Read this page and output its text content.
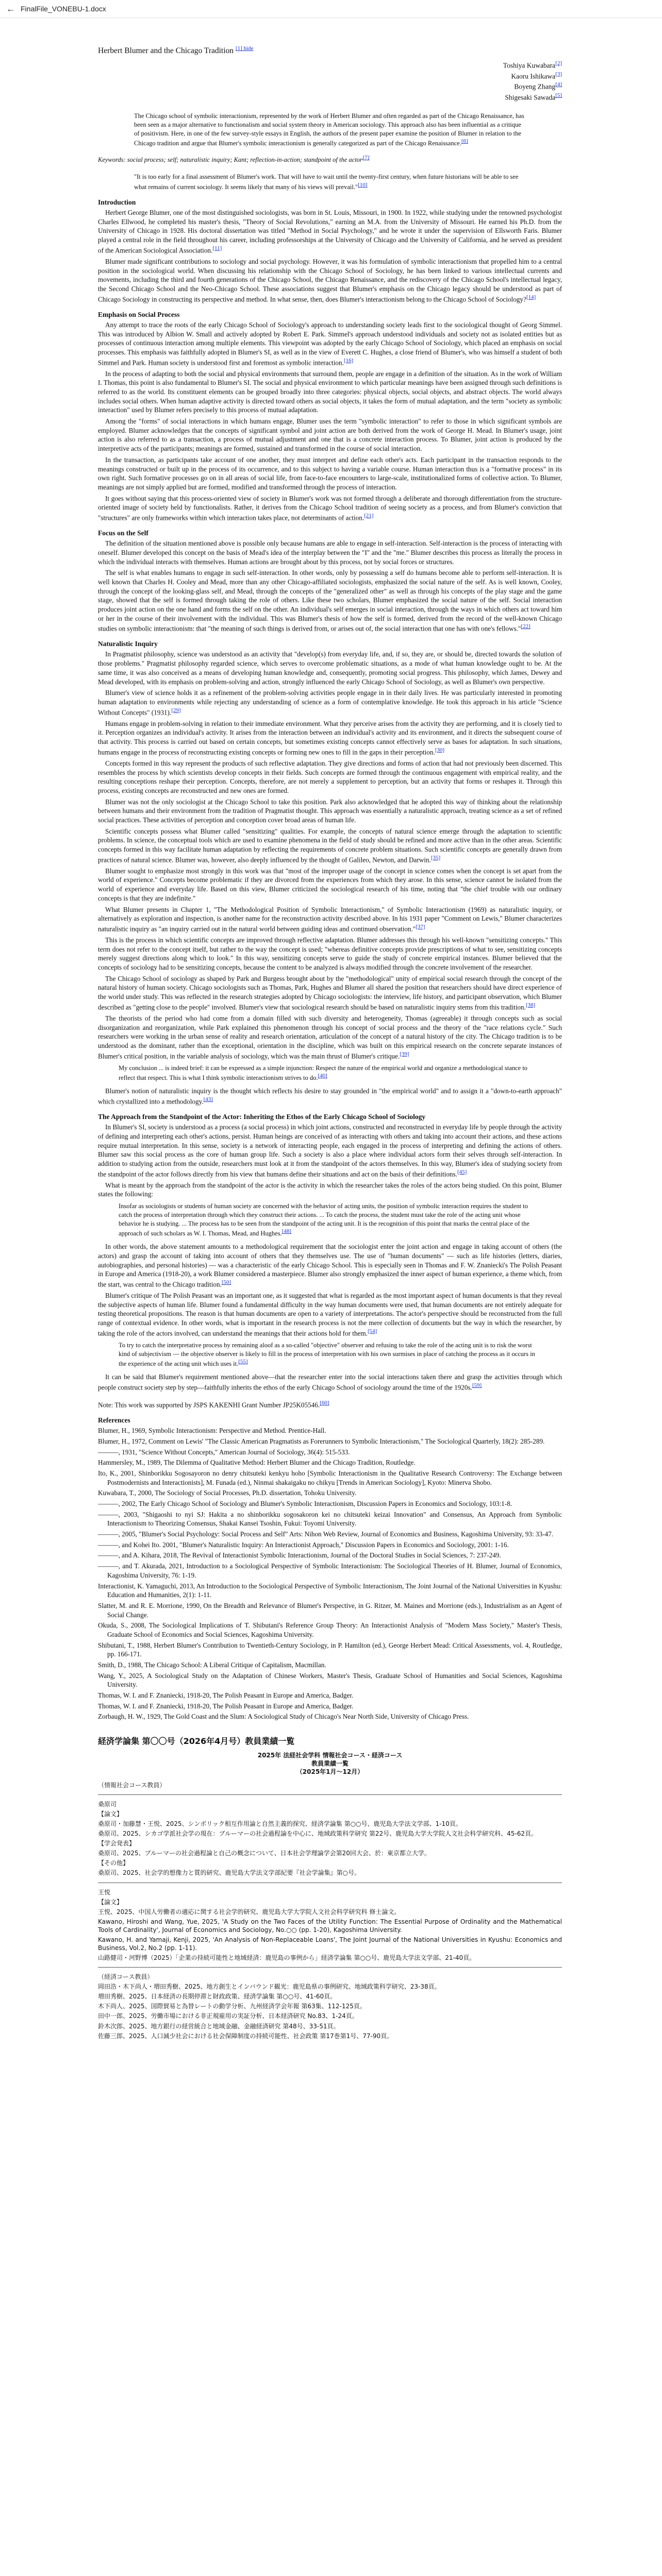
← FinalFile_VONEBU-1.docx
Herbert Blumer and the Chicago Tradition $^{[1] hide}$
Toshiya Kuwabara[2]
Kaoru Ishikawa[3]
Boyeng Zhang[4]
Shigesaki Sawada[5]
The Chicago school of symbolic interactionism, represented by the work of Herbert Blumer and often regarded as part of the Chicago Renaissance, has been seen as a major alternative to functionalism and social system theory in American sociology. This approach also has been influential as a critique of positivism. Here, in one of the few survey-style essays in English, the authors of the present paper examine the position of Blumer in relation to the Chicago tradition and argue that Blumer's symbolic interactionism is generally categorized as part of the Chicago Renaissance.[6]
Keywords: social process; self; naturalistic inquiry; Kant; reflection-in-action; standpoint of the actor[7]
"It is too early for a final assessment of Blumer's work. That will have to wait until the twenty-first century, when future historians will be able to see what remains of current sociology. It seems likely that many of his views will prevail."[10]
Introduction

Herbert George Blumer, one of the most distinguished sociologists, was born in St. Louis, Missouri, in 1900. In 1922, while studying under the renowned psychologist Charles Ellwood, he completed his master's thesis, "Theory of Social Revolutions," earning an M.A. from the University of Missouri. He earned his Ph.D. from the University of Chicago in 1928. His doctoral dissertation was titled "Method in Social Psychology," and he wrote it under the supervision of Ellsworth Faris. Blumer played a central role in the field throughout his career, including professorships at the University of Chicago and the University of California, and he served as president of the American Sociological Association.[11]

Blumer made significant contributions to sociology and social psychology. However, it was his formulation of symbolic interactionism that propelled him to a central position in the sociological world. When discussing his relationship with the Chicago School of Sociology, he has been linked to various intellectual currents and movements, including the third and fourth generations of the Chicago School, the Chicago Renaissance, and the rediscovery of the Chicago School's intellectual legacy, the Second Chicago School and the Neo-Chicago School. These associations suggest that Blumer's emphasis on the Chicago legacy should be understood as part of Chicago Sociology in constructing its perspective and method. In what sense, then, does Blumer's interactionism belong to the Chicago School of Sociology?[14]

Emphasis on Social Process

Any attempt to trace the roots of the early Chicago School of Sociology's approach to understanding society leads first to the sociological thought of Georg Simmel. This was introduced by Albion W. Small and actively adopted by Robert E. Park. Simmel's approach understood individuals and society not as isolated entities but as processes of continuous interaction among multiple elements. This viewpoint was adopted by the early Chicago School of Sociology, which placed an emphasis on social processes. This emphasis was faithfully adopted in Blumer's SI, as well as in the view of Everett C. Hughes, a close friend of Blumer's, who was himself a student of both Simmel and Park. Human society is understood first and foremost as symbolic interaction.[16]

In the process of adapting to both the social and physical environments that surround them, people are engage in a definition of the situation. As in the work of William I. Thomas, this point is also fundamental to Blumer's SI. The social and physical environment to which particular meanings have been assigned through such definitions is referred to as the world. Its constituent elements can be grouped broadly into three categories: physical objects, social objects, and abstract objects. The world always includes social others. When human adaptive activity is directed toward others as social objects, it takes the form of mutual adaptation, and the term "society as symbolic interaction" used by Blumer refers precisely to this process of mutual adaptation.

Among the "forms" of social interactions in which humans engage, Blumer uses the term "symbolic interaction" to refer to those in which significant symbols are employed. Blumer acknowledges that the concepts of significant symbol and joint action are both derived from the work of George H. Mead. In Blumer's usage, joint action is also referred to as a transaction, a process of mutual adjustment and one that is a concrete interaction process. To Blumer, joint action is produced by the interpretive acts of the participants; meanings are formed, sustained and transformed in the course of social interaction.

In the transaction, as participants take account of one another, they must interpret and define each other's acts. Each participant in the transaction responds to the meanings constructed or built up in the process of its occurrence, and to this subject to having a variable course. Human interaction thus is a "formative process" in its own right. Such formative processes go on in all areas of social life, from face-to-face encounters to large-scale, institutionalized forms of collective action. To Blumer, meanings are not simply applied but are formed, modified and transformed through the process of interaction.

It goes without saying that this process-oriented view of society in Blumer's work was not formed through a deliberate and thorough differentiation from the structure-oriented image of society held by functionalists. Rather, it derives from the Chicago School tradition of seeing society as a process, and from Blumer's conviction that "structures" are only frameworks within which interaction takes place, not determinants of action.[21]

Focus on the Self

The definition of the situation mentioned above is possible only because humans are able to engage in self-interaction. Self-interaction is the process of interacting with oneself. Blumer developed this concept on the basis of Mead's idea of the interplay between the "I" and the "me." Blumer describes this process as literally the process in which the individual interacts with themselves. Human actions are brought about by this process, not by social forces or structures.

The self is what enables humans to engage in such self-interaction. In other words, only by possessing a self do humans become able to perform self-interaction. It is well known that Charles H. Cooley and Mead, more than any other Chicago-affiliated sociologists, emphasized the social nature of the self. As is well known, Cooley, through the concept of the looking-glass self, and Mead, through the concepts of the "generalized other" as well as through his concepts of the play stage and the game stage, showed that the self is formed through taking the role of others. Like these two scholars, Blumer emphasized the social nature of the self. Social interaction produces joint action on the one hand and forms the self on the other. An individual's self emerges in social interaction, through the ways in which others act toward him or her in the course of their involvement with the individual. This was Blumer's thesis of how the self is formed, derived from the record of the well-known Chicago studies on symbolic interactionism: that "the meaning of such things is derived from, or arises out of, the social interaction that one has with one's fellows."[22]

Naturalistic Inquiry

In Pragmatist philosophy, science was understood as an activity that "develop(s) from everyday life, and, if so, they are, or should be, directed towards the solution of those problems." Pragmatist philosophy regarded science, which serves to overcome problematic situations, as a mode of what human knowledge ought to be. At the same time, it was also conceived as a means of developing human knowledge and, consequently, promoting social progress. This philosophy, which James, Dewey and Mead developed, with its emphasis on problem-solving and action, strongly influenced the early Chicago School of Sociology, as well as Blumer's own perspective.

Blumer's view of science holds it as a refinement of the problem-solving activities people engage in in their daily lives. He was particularly interested in promoting human adaptation to environments while rejecting any understanding of science as a form of contemplative knowledge. He took this approach in his article "Science Without Concepts" (1931).[29]

Humans engage in problem-solving in relation to their immediate environment. What they perceive arises from the activity they are performing, and it is closely tied to it. Perception organizes an individual's activity. It arises from the interaction between an individual's activity and its environment, and it directs the subsequent course of that activity. This process is carried out based on certain concepts, but sometimes existing concepts cannot effectively serve as bases for adaptation. In such situations, humans engage in the process of reconstructing existing concepts or forming new ones to fill in the gaps in their perception.[30]

Concepts formed in this way represent the products of such reflective adaptation. They give directions and forms of action that had not previously been discerned. This resembles the process by which scientists develop concepts in their fields. Such concepts are formed through the continuous engagement with empirical reality, and the resulting conceptions reshape their perception. Concepts, therefore, are not merely a supplement to perception, but an activity that forms or reshapes it. Through this process, existing concepts are reconstructed and new ones are formed.

Blumer was not the only sociologist at the Chicago School to take this position. Park also acknowledged that he adopted this way of thinking about the relationship between humans and their environment from the tradition of Pragmatist thought. This approach was essentially a naturalistic approach, treating science as a set of refined social practices. These activities of perception and conception cover broad areas of human life.

Scientific concepts possess what Blumer called "sensitizing" qualities. For example, the concepts of natural science emerge through the adaptation to scientific problems. In science, the conceptual tools which are used to examine phenomena in the field of study should be refined and more active than in the other areas. Scientific concepts formed in this way facilitate human adaptation by reflecting the requirements of concrete problem situations. Such scientific concepts are generally drawn from practices of natural science. Blumer was, however, also deeply influenced by the thought of Galileo, Newton, and Darwin.[35]

Blumer sought to emphasize most strongly in this work was that "most of the improper usage of the concept in science comes when the concept is set apart from the world of experience." Concepts become problematic if they are divorced from the experiences from which they arose. In this sense, science cannot be isolated from the world of experience and everyday life. Based on this view, Blumer criticized the sociological research of his time, noting that "the chief trouble with our ordinary concepts is that they are indefinite."

What Blumer presents in Chapter 1, "The Methodological Position of Symbolic Interactionism," of Symbolic Interactionism (1969) as naturalistic inquiry, or alternatively as exploration and inspection, is another name for the reconstruction activity described above. In his 1931 paper "Comment on Lewis," Blumer characterizes naturalistic inquiry as "an inquiry carried out in the natural world between guiding ideas and continued observation."[37]

This is the process in which scientific concepts are improved through reflective adaptation. Blumer addresses this through his well-known "sensitizing concepts." This term does not refer to the concept itself, but rather to the way the concept is used; "whereas definitive concepts provide prescriptions of what to see, sensitizing concepts merely suggest directions along which to look." In this way, sensitizing concepts serve to guide the study of concrete empirical instances. Blumer believed that the concepts of sociology had to be sensitizing concepts, because the content to be analyzed is always modified through the concrete involvement of the researcher.

The Chicago School of sociology as shaped by Park and Burgess brought about by the "methodological" unity of empirical social research through the concept of the natural history of human society. Chicago sociologists such as Thomas, Park, Hughes and Blumer all shared the position that researchers should have direct experience of the world under study. This was reflected in the research strategies adopted by Chicago sociologists: the interview, life history, and participant observation, which Blumer described as "getting close to the people" involved. Blumer's view that sociological research should be based on naturalistic inquiry stems from this tradition.[38]

The theorists of the period who had come from a domain filled with such diversity and heterogeneity, Thomas (agreeable) it through concepts such as social disorganization and reorganization, while Park explained this phenomenon through his concept of social process and the theory of the "race relations cycle." Such researchers were working in the urban sense of reality and research orientation, articulation of the concept of a natural history of the city. The Chicago tradition is to be understood as the dominant, rather than the exceptional, orientation in the discipline, which was built on this empirical research on the concrete separate instances of Blumer's critical position, in the variable analysis of sociology, which was the main thrust of Blumer's critique.[39]

My conclusion ... is indeed brief: it can be expressed as a simple injunction: Respect the nature of the empirical world and organize a methodological stance to reflect that respect. This is what I think symbolic interactionism strives to do.[40]

Blumer's notion of naturalistic inquiry is the thought which reflects his desire to stay grounded in "the empirical world" and to assign it a "down-to-earth approach" which crystallized into a methodology.[43]

The Approach from the Standpoint of the Actor: Inheriting the Ethos of the Early Chicago School of Sociology

In Blumer's SI, society is understood as a process (a social process) in which joint actions, constructed and reconstructed in everyday life by people through the activity of defining and interpreting each other's actions, persist. Human beings are conceived of as interacting with others and taking into account their actions, and these actions require mutual interpretation. In this sense, society is a network of interacting people, each engaged in the process of interpreting and defining the actions of others. Blumer saw this social process as the core of human group life. Such a society is also a place where individual actors form their selves through self-interaction. In addition to studying action from the outside, researchers must look at it from the standpoint of the actors themselves. In this way, Blumer's idea of studying society from the standpoint of the actor follows directly from his view that humans define their situations and act on the basis of their definitions.[45]

What is meant by the approach from the standpoint of the actor is the activity in which the researcher takes the roles of the actors being studied. On this point, Blumer states the following:

Insofar as sociologists or students of human society are concerned with the behavior of acting units, the position of symbolic interaction requires the student to catch the process of interpretation through which they construct their actions. ... To catch the process, the student must take the role of the acting unit whose behavior he is studying. ... The process has to be seen from the standpoint of the acting unit. It is the recognition of this point that marks the central place of the approach of such scholars as W. I. Thomas, Mead, and Hughes.[48]

In other words, the above statement amounts to a methodological requirement that the sociologist enter the joint action and engage in taking account of others (the actors) and grasp the account of taking into account of others that they themselves use. The use of "human documents" — such as life histories (letters, diaries, autobiographies, and personal histories) — was a characteristic of the early Chicago School. This is especially seen in Thomas and F. W. Znaniecki's The Polish Peasant in Europe and America (1918-20), a work Blumer considered a masterpiece. Blumer also strongly emphasized the inner aspect of human experience, a theme which, from the start, was central to the Chicago tradition.[50]

Blumer's critique of The Polish Peasant was an important one, as it suggested that what is regarded as the most important aspect of human documents is that they reveal the subjective aspects of human life. Blumer found a fundamental difficulty in the way human documents were used, that human documents are not entirely adequate for testing theoretical propositions. The reason is that human documents are open to a variety of interpretations. The actor's perspective should be reconstructed from the full range of contextual evidence. In other words, what is important in the research process is not the mere collection of documents but the way in which the researcher, by taking the role of the actors involved, can understand the meanings that their actions hold for them.[54]

To try to catch the interpretative process by remaining aloof as a so-called "objective" observer and refusing to take the role of the acting unit is to risk the worst kind of subjectivism — the objective observer is likely to fill in the process of interpretation with his own surmises in place of catching the process as it occurs in the experience of the acting unit which uses it.[55]

It can be said that Blumer's requirement mentioned above—that the researcher enter into the social interactions taken there and grasp the activities through which people construct society step by step—faithfully inherits the ethos of the early Chicago School of sociology around the time of the 1920s.[59]

Note: This work was supported by JSPS KAKENHI Grant Number JP25K05546.[60]

References

Blumer, H., 1969, Symbolic Interactionism: Perspective and Method. Prentice-Hall.

Blumer, H., 1972, Comment on Lewis' "The Classic American Pragmatists as Forerunners to Symbolic Interactionism," The Sociological Quarterly, 18(2): 285-289.

———, 1931, "Science Without Concepts," American Journal of Sociology, 36(4): 515-533.

Hammersley, M., 1989, The Dilemma of Qualitative Method: Herbert Blumer and the Chicago Tradition, Routledge.

Ito, K., 2001, Shinborikku Sogosayoron no denry chitsuteki kenkyu hoho [Symbolic Interactionism in the Qualitative Research Controversy: The Exchange between Postmodernists and Interactionists], M. Funada (ed.), Ninmai shakaigaku no chikyu [Trends in American Sociology], Kyoto: Minerva Shobo.

Kuwabara, T., 2000, The Sociology of Social Processes, Ph.D. dissertation, Tohoku University.

———, 2002, The Early Chicago School of Sociology and Blumer's Symbolic Interactionism, Discussion Papers in Economics and Sociology, 103:1-8.

———, 2003, "Shigaoshi to nyi SJ: Hakita a no shinborikku sogosakoron kei no chitsuteki keizai Innovation" and Consensus, An Approach from Symbolic Interactionism to Theorizing Consensus, Shakai Kansei Tsoshin, Fukui: Toyomi University.

———, 2005, "Blumer's Social Psychology: Social Process and Self" Arts: Nihon Web Review, Journal of Economics and Business, Kagoshima University, 93: 33-47.

———, and Kohei Ito. 2001, "Blumer's Naturalistic Inquiry: An Interactionist Approach," Discussion Papers in Economics and Sociology, 2001: 1-16.

———, and A. Kihara, 2018, The Revival of Interactionist Symbolic Interactionism, Journal of the Doctoral Studies in Social Sciences, 7: 237-249.

———, and T. Akurada, 2021, Introduction to a Sociological Perspective of Symbolic Interactionism: The Sociological Theories of H. Blumer, Journal of Economics, Kagoshima University, 76: 1-19.

Interactionist, K. Yamaguchi, 2013, An Introduction to the Sociological Perspective of Symbolic Interactionism, The Joint Journal of the National Universities in Kyushu: Education and Humanities, 2(1): 1-11.

Slatter, M. and R. E. Morrione, 1990, On the Breadth and Relevance of Blumer's Perspective, in G. Ritzer, M. Maines and Morrione (eds.), Industrialism as an Agent of Social Change.

Okuda, S., 2008, The Sociological Implications of T. Shibutani's Reference Group Theory: An Interactionist Analysis of "Modern Mass Society," Master's Thesis, Graduate School of Economics and Social Sciences, Kagoshima University.

Shibutani, T., 1988, Herbert Blumer's Contribution to Twentieth-Century Sociology, in P. Hamilton (ed.), George Herbert Mead: Critical Assessments, vol. 4, Routledge, pp. 166-171.

Smith, D., 1988, The Chicago School: A Liberal Critique of Capitalism, Macmillan.

Wang, Y., 2025, A Sociological Study on the Adaptation of Chinese Workers, Master's Thesis, Graduate School of Humanities and Social Sciences, Kagoshima University.

Thomas, W. I. and F. Znaniecki, 1918-20, The Polish Peasant in Europe and America, Badger.

Thomas, W. I. and F. Znaniecki, 1918-20, The Polish Peasant in Europe and America, Badger.

Zorbaugh, H. W., 1929, The Gold Coast and the Slum: A Sociological Study of Chicago's Near North Side, University of Chicago Press.

経済学論集 第〇〇号（2026年4月号）教員業績一覧
2025年 法経社会学科 情報社会コース・経済コース
教員業績一覧
（2025年1月〜12月）

（情報社会コース教員）

桑原司

【論文】

桑原司・加藤慧・王悦、2025、シンボリック相互作用論と自然主義的探究、経済学論集 第○○号、鹿児島大学法文学部、1-10頁。

桑原司、2025、シカゴ学派社会学の現在：ブルーマーの社会過程論を中心に、地域政策科学研究 第22号、鹿児島大学大学院人文社会科学研究科、45-62頁。

【学会発表】

桑原司、2025、ブルーマーの社会過程論と自己の概念について、日本社会学理論学会第20回大会、於：東京都立大学。

【その他】

桑原司、2025、社会学的想像力と質的研究、鹿児島大学法文学部紀要『社会学論集』第○号。

王悦

【論文】

王悦、2025、中国人労働者の適応に関する社会学的研究、鹿児島大学大学院人文社会科学研究科 修士論文。

Kawano, Hiroshi and Wang, Yue, 2025, 'A Study on the Two Faces of the Utility Function: The Essential Purpose of Ordinality and the Mathematical Tools of Cardinality', Journal of Economics and Sociology, No.○○ (pp. 1-20), Kagoshima University.

Kawano, H. and Yamaji, Kenji, 2025, 'An Analysis of Non-Replaceable Loans', The Joint Journal of the National Universities in Kyushu: Economics and Business, Vol.2, No.2 (pp. 1-11).

山路健司・河野博（2025）「企業の持続可能性と地域経済：鹿児島の事例から」経済学論集 第○○号、鹿児島大学法文学部、21-40頁。

（経済コース教員）

岡田浩・木下尚人・増田秀樹、2025、地方創生とインバウンド観光：鹿児島県の事例研究、地域政策科学研究、23-38頁。

増田秀樹、2025、日本経済の長期停滞と財政政策、経済学論集 第○○号、41-60頁。

木下尚人、2025、国際貿易と為替レートの動学分析、九州経済学会年報 第63集、112-125頁。

田中一郎、2025、労働市場における非正規雇用の実証分析、日本経済研究 No.83、1-24頁。

鈴木次郎、2025、地方銀行の経営統合と地域金融、金融経済研究 第48号、33-51頁。

佐藤三郎、2025、人口減少社会における社会保障制度の持続可能性、社会政策 第17巻第1号、77-90頁。
